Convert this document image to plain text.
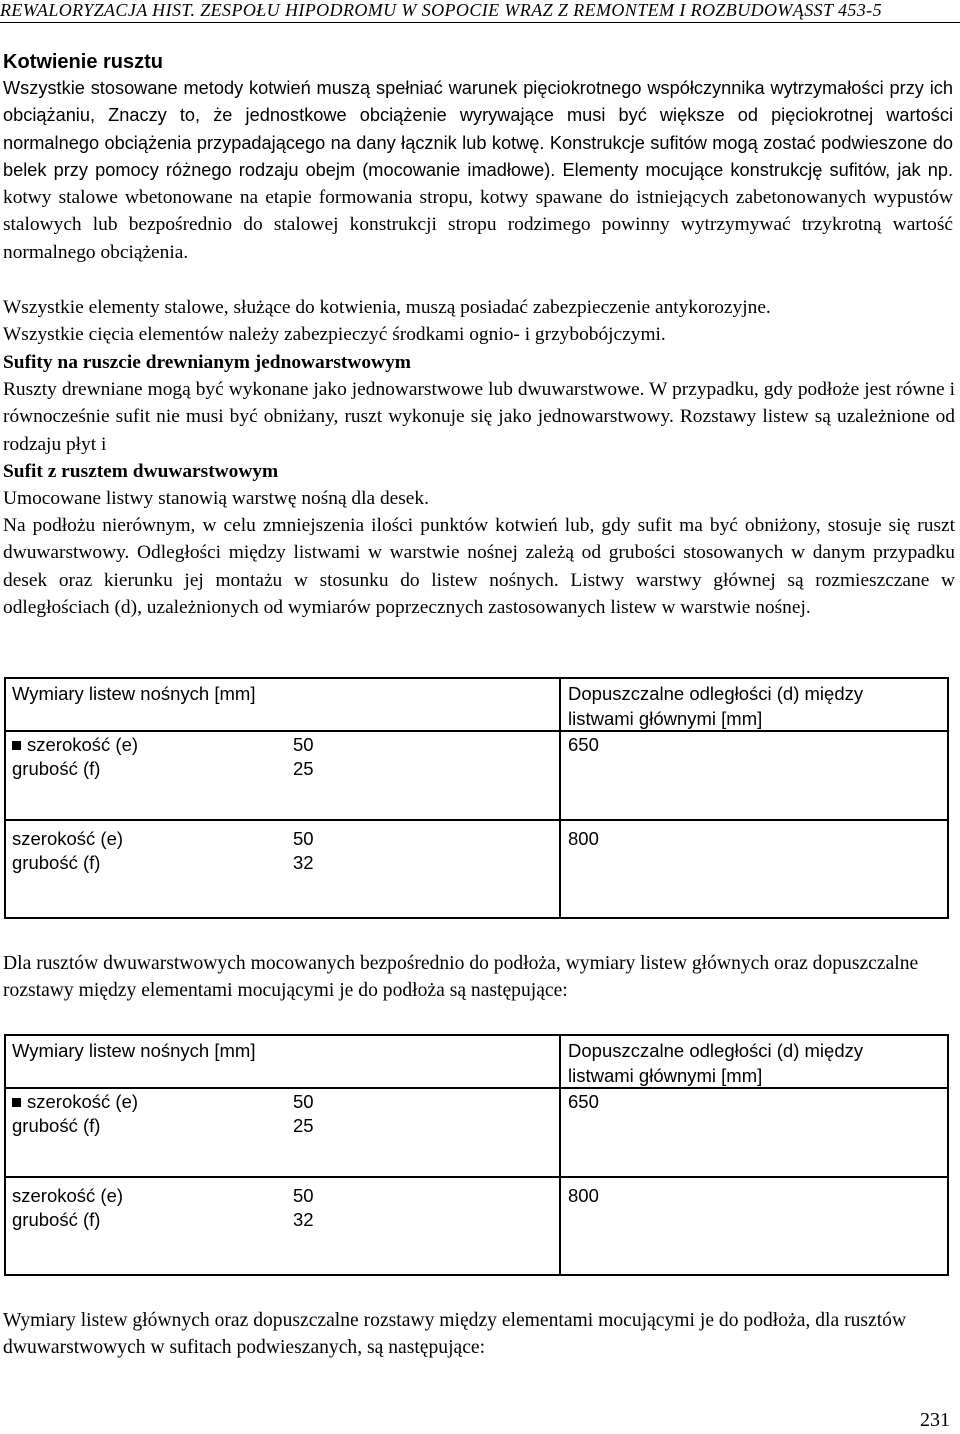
REWALORYZACJA HIST. ZESPOŁU HIPODROMU W SOPOCIE WRAZ Z REMONTEM I ROZBUDOWĄSST 453-5
Kotwienie rusztu

Wszystkie stosowane metody kotwień muszą spełniać warunek pięciokrotnego współczynnika wytrzymałości przy ich obciążaniu, Znaczy to, że jednostkowe obciążenie wyrywające musi być większe od pięciokrotnej wartości normalnego obciążenia przypadającego na dany łącznik lub kotwę. Konstrukcje sufitów mogą zostać podwieszone do belek przy pomocy różnego rodzaju obejm (mocowanie imadłowe). Elementy mocujące konstrukcję sufitów, jak np. kotwy stalowe wbetonowane na etapie formowania stropu, kotwy spawane do istniejących zabetonowanych wypustów stalowych lub bezpośrednio do stalowej konstrukcji stropu rodzimego powinny wytrzymywać trzykrotną wartość normalnego obciążenia.

Wszystkie elementy stalowe, służące do kotwienia, muszą posiadać zabezpieczenie antykorozyjne.

Wszystkie cięcia elementów należy zabezpieczyć środkami ognio- i grzybobójczymi.

Sufity na ruszcie drewnianym jednowarstwowym

Ruszty drewniane mogą być wykonane jako jednowarstwowe lub dwuwarstwowe. W przypadku, gdy podłoże jest równe i równocześnie sufit nie musi być obniżany, ruszt wykonuje się jako jednowarstwowy. Rozstawy listew są uzależnione od rodzaju płyt i

Sufit z rusztem dwuwarstwowym

Umocowane listwy stanowią warstwę nośną dla desek.

Na podłożu nierównym, w celu zmniejszenia ilości punktów kotwień lub, gdy sufit ma być obniżony, stosuje się ruszt dwuwarstwowy. Odległości między listwami w warstwie nośnej zależą od grubości stosowanych w danym przypadku desek oraz kierunku jej montażu w stosunku do listew nośnych. Listwy warstwy głównej są rozmieszczane w odległościach (d), uzależnionych od wymiarów poprzecznych zastosowanych listew w warstwie nośnej.

Wymiary listew nośnych [mm]	Dopuszczalne odległości (d) między
listwami głównymi [mm]
szerokość (e)	50	650
grubość (f)	25
szerokość (e)	50	800
grubość (f)	32

Dla rusztów dwuwarstwowych mocowanych bezpośrednio do podłoża, wymiary listew głównych oraz dopuszczalne rozstawy między elementami mocującymi je do podłoża są następujące:

Wymiary listew nośnych [mm]	Dopuszczalne odległości (d) między
listwami głównymi [mm]
szerokość (e)	50	650
grubość (f)	25
szerokość (e)	50	800
grubość (f)	32

Wymiary listew głównych oraz dopuszczalne rozstawy między elementami mocującymi je do podłoża, dla rusztów dwuwarstwowych w sufitach podwieszanych, są następujące:

231
